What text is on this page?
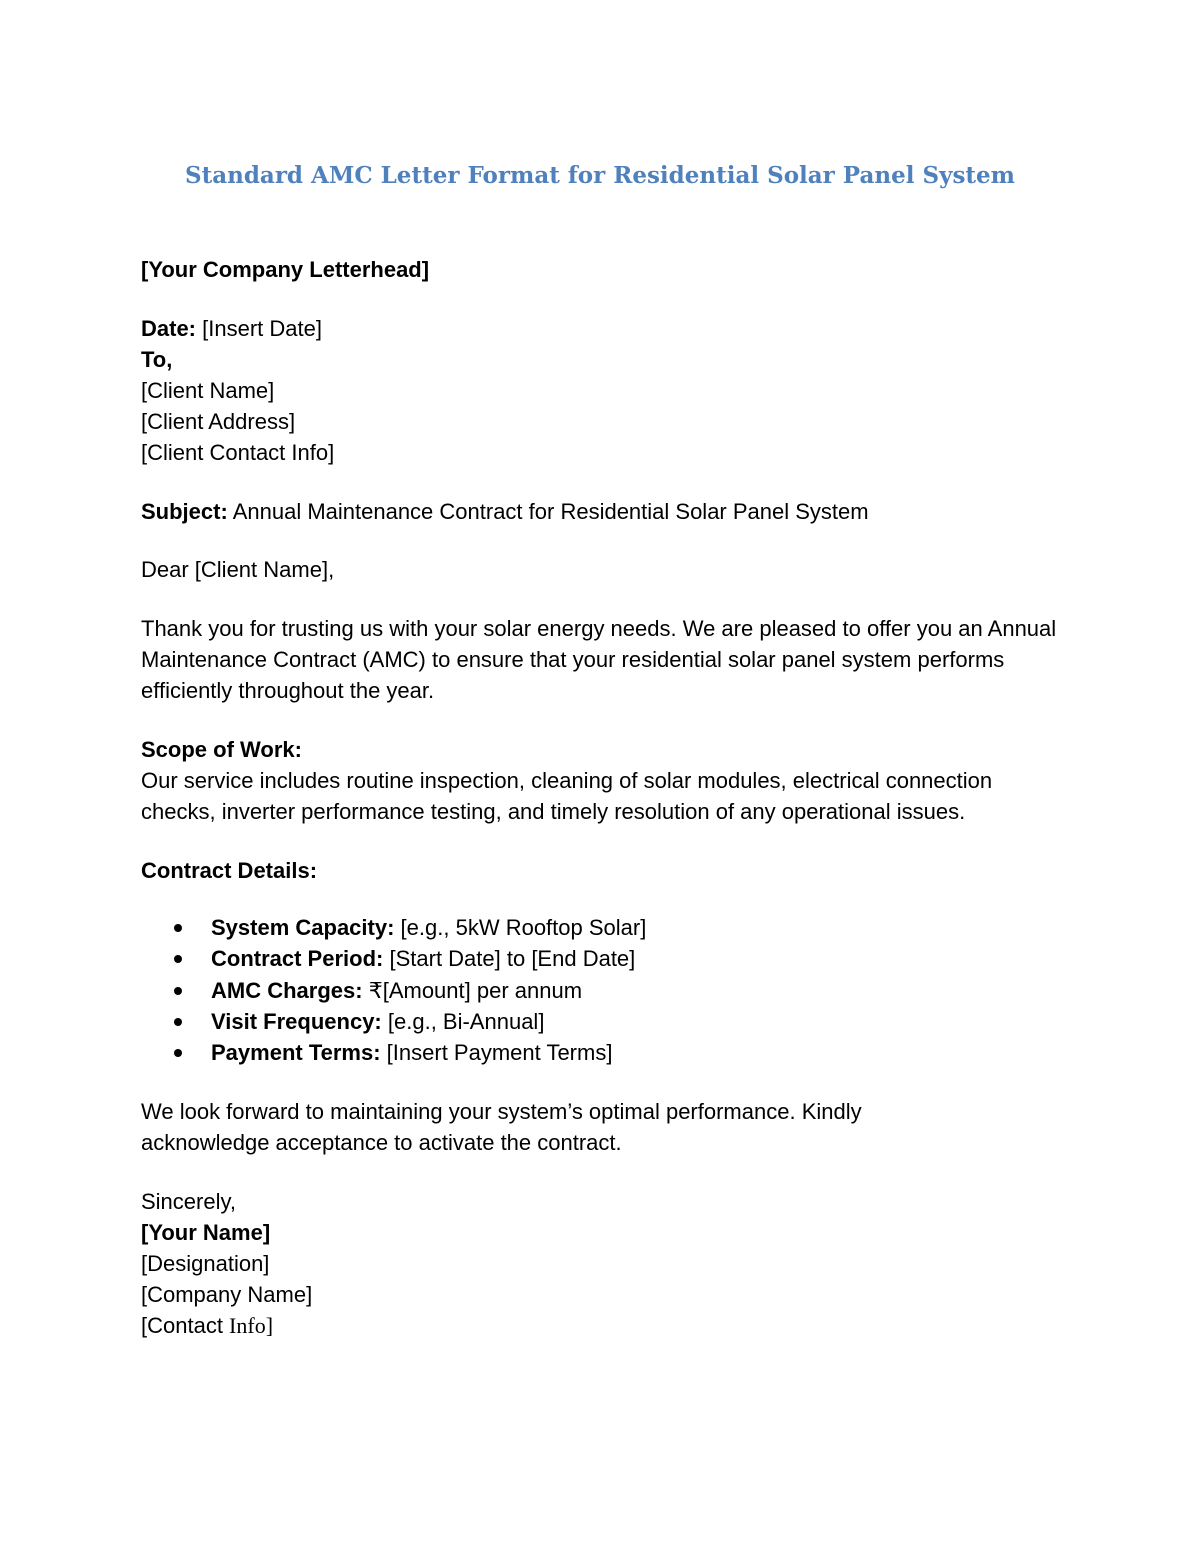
Standard AMC Letter Format for Residential Solar Panel System
[Your Company Letterhead]
Date: [Insert Date]
To,
[Client Name]
[Client Address]
[Client Contact Info]
Subject: Annual Maintenance Contract for Residential Solar Panel System
Dear [Client Name],
Thank you for trusting us with your solar energy needs. We are pleased to offer you an Annual Maintenance Contract (AMC) to ensure that your residential solar panel system performs efficiently throughout the year.
Scope of Work:
Our service includes routine inspection, cleaning of solar modules, electrical connection checks, inverter performance testing, and timely resolution of any operational issues.
Contract Details:
System Capacity: [e.g., 5kW Rooftop Solar]
Contract Period: [Start Date] to [End Date]
AMC Charges: ₹[Amount] per annum
Visit Frequency: [e.g., Bi-Annual]
Payment Terms: [Insert Payment Terms]
We look forward to maintaining your system’s optimal performance. Kindly acknowledge acceptance to activate the contract.
Sincerely,
[Your Name]
[Designation]
[Company Name]
[Contact Info]
